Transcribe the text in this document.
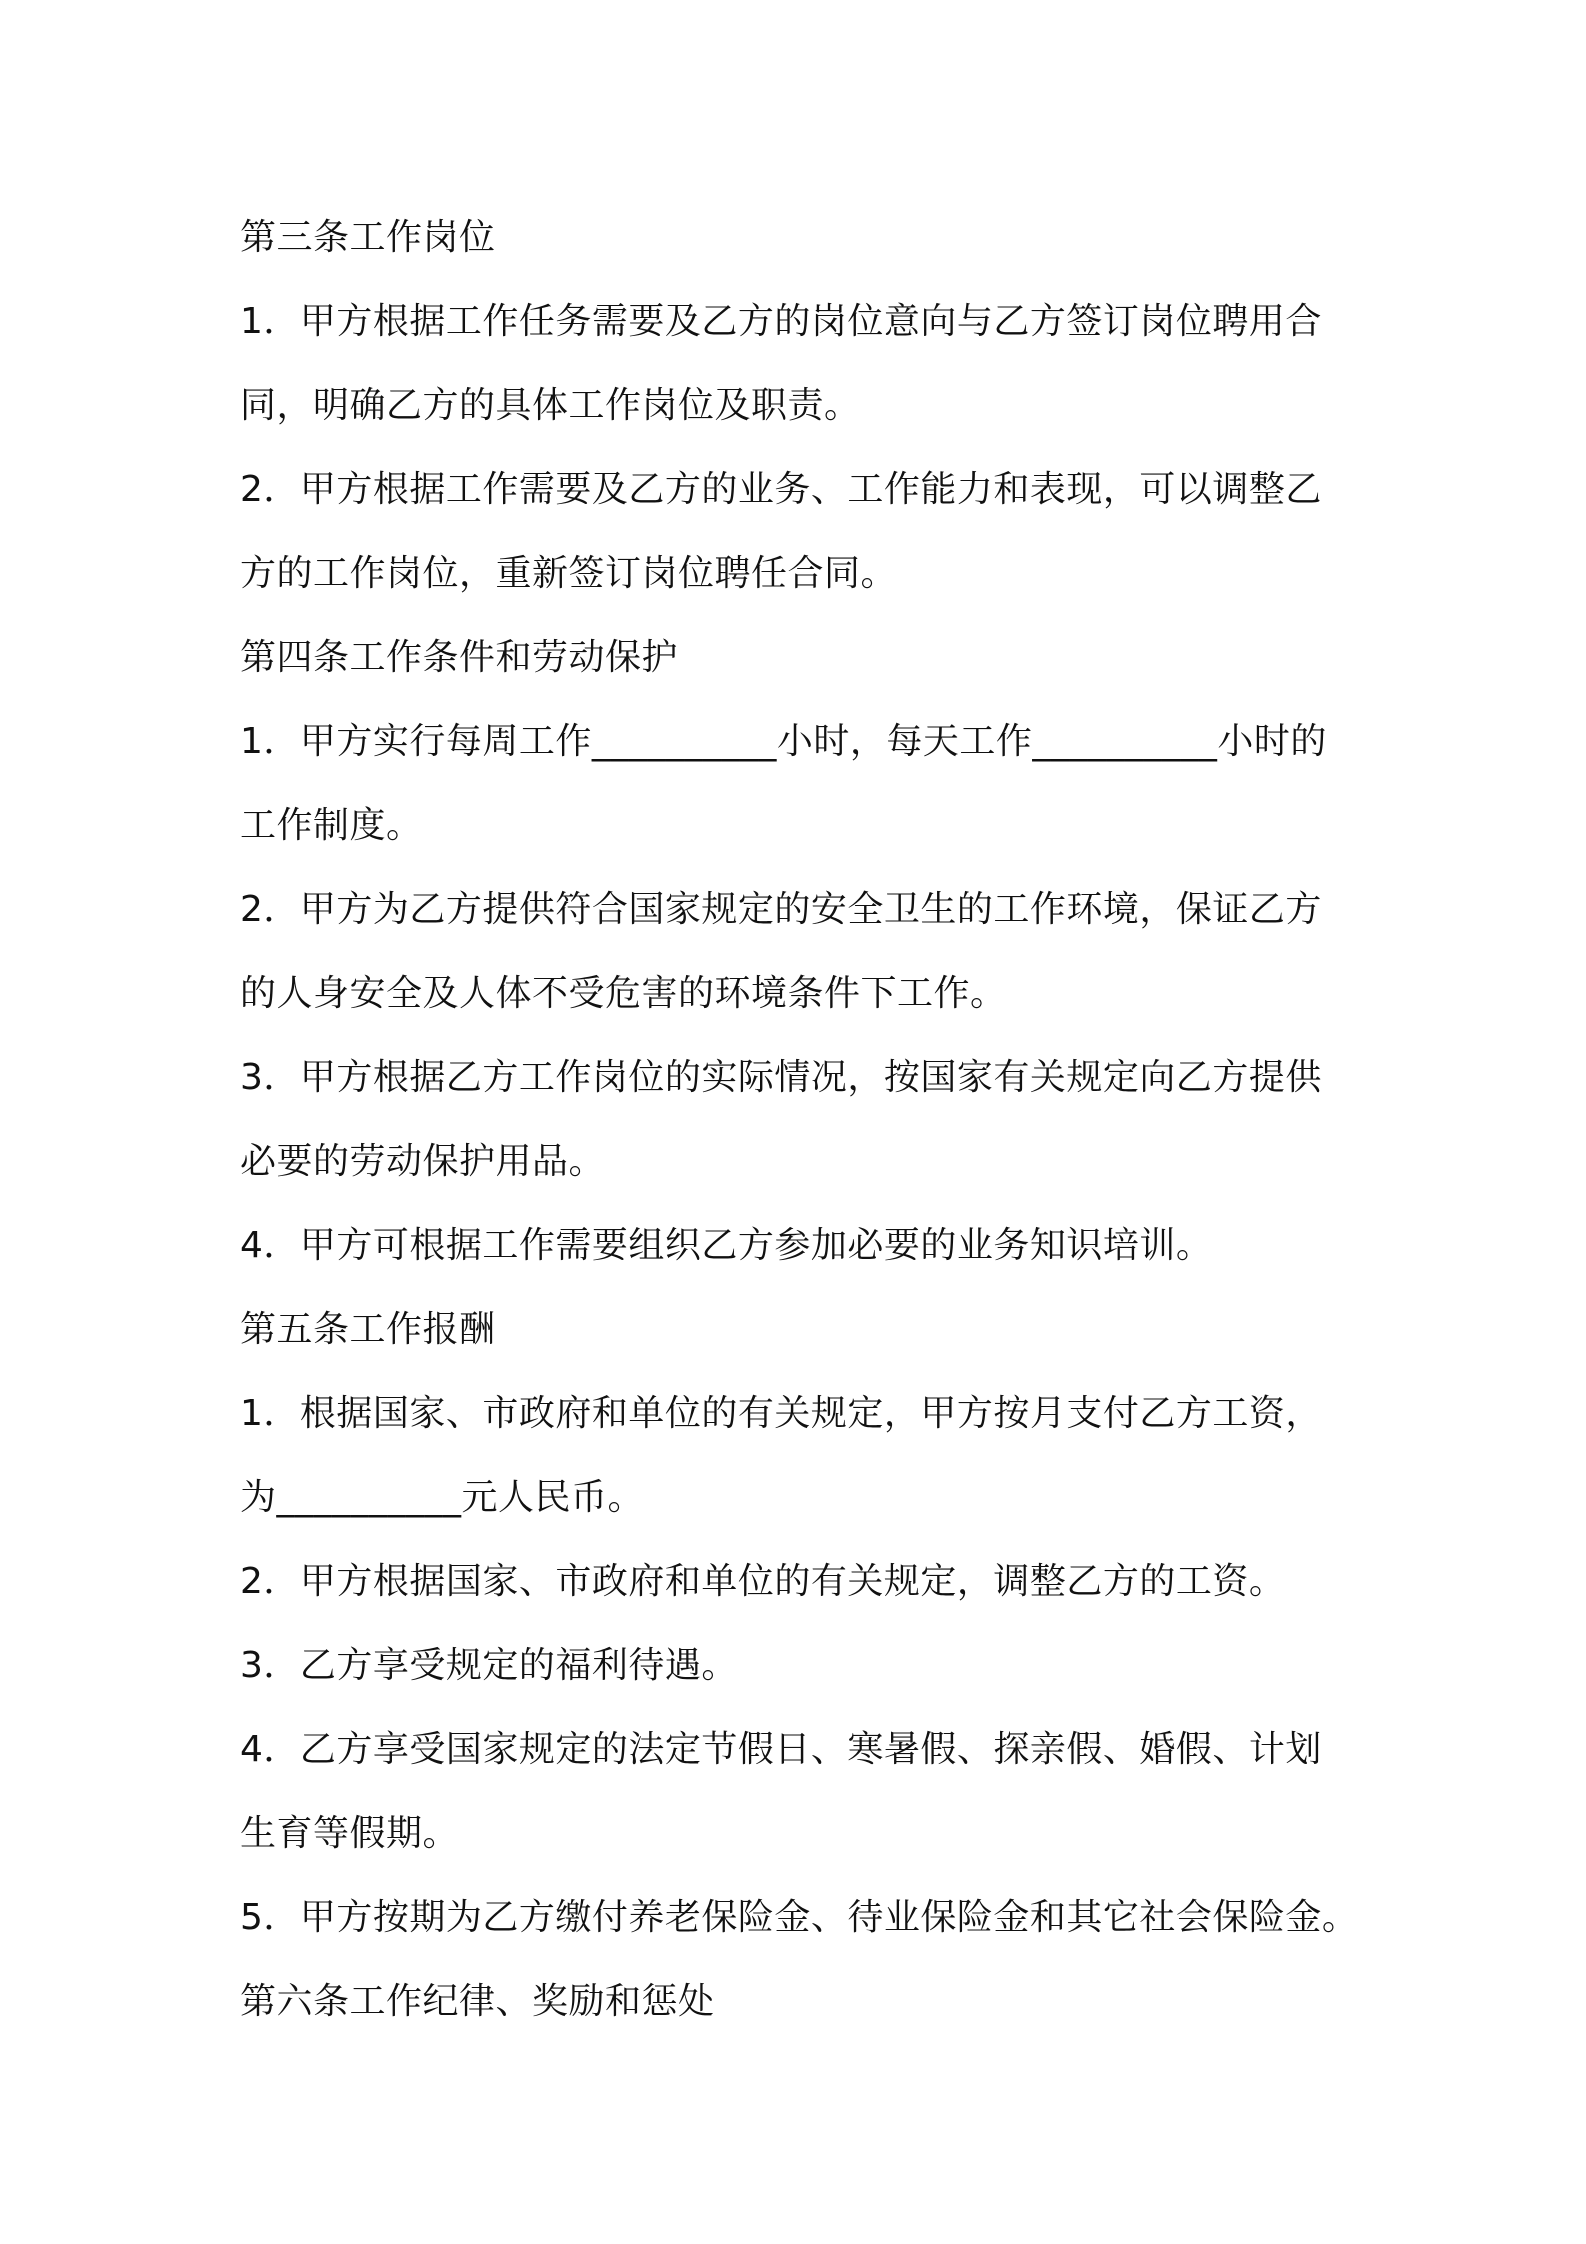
第三条工作岗位
1．甲方根据工作任务需要及乙方的岗位意向与乙方签订岗位聘用合
同，明确乙方的具体工作岗位及职责。
2．甲方根据工作需要及乙方的业务、工作能力和表现，可以调整乙
方的工作岗位，重新签订岗位聘任合同。
第四条工作条件和劳动保护
1．甲方实行每周工作__________小时，每天工作__________小时的
工作制度。
2．甲方为乙方提供符合国家规定的安全卫生的工作环境，保证乙方
的人身安全及人体不受危害的环境条件下工作。
3．甲方根据乙方工作岗位的实际情况，按国家有关规定向乙方提供
必要的劳动保护用品。
4．甲方可根据工作需要组织乙方参加必要的业务知识培训。
第五条工作报酬
1．根据国家、市政府和单位的有关规定，甲方按月支付乙方工资，
为__________元人民币。
2．甲方根据国家、市政府和单位的有关规定，调整乙方的工资。
3．乙方享受规定的福利待遇。
4．乙方享受国家规定的法定节假日、寒暑假、探亲假、婚假、计划
生育等假期。
5．甲方按期为乙方缴付养老保险金、待业保险金和其它社会保险金。
第六条工作纪律、奖励和惩处
